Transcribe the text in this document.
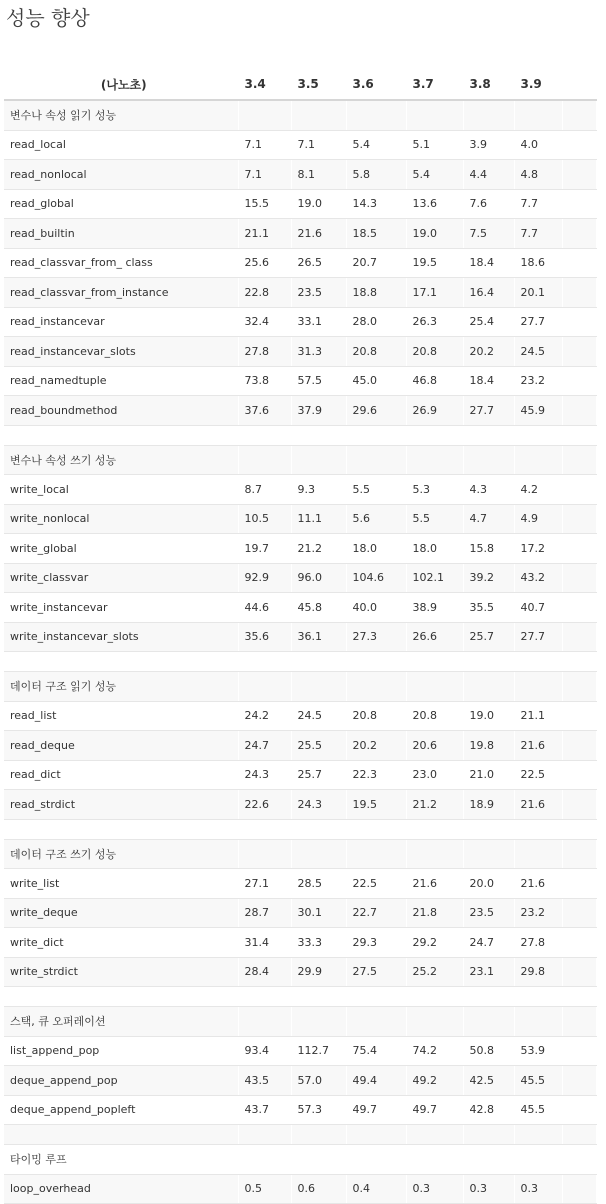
성능 향상
(나노초)	3.4	3.5	3.6	3.7	3.8	3.9	
변수나 속성 읽기 성능							
read_local	7.1	7.1	5.4	5.1	3.9	4.0	
read_nonlocal	7.1	8.1	5.8	5.4	4.4	4.8	
read_global	15.5	19.0	14.3	13.6	7.6	7.7	
read_builtin	21.1	21.6	18.5	19.0	7.5	7.7	
read_classvar_from_ class	25.6	26.5	20.7	19.5	18.4	18.6	
read_classvar_from_instance	22.8	23.5	18.8	17.1	16.4	20.1	
read_instancevar	32.4	33.1	28.0	26.3	25.4	27.7	
read_instancevar_slots	27.8	31.3	20.8	20.8	20.2	24.5	
read_namedtuple	73.8	57.5	45.0	46.8	18.4	23.2	
read_boundmethod	37.6	37.9	29.6	26.9	27.7	45.9	

변수나 속성 쓰기 성능							
write_local	8.7	9.3	5.5	5.3	4.3	4.2	
write_nonlocal	10.5	11.1	5.6	5.5	4.7	4.9	
write_global	19.7	21.2	18.0	18.0	15.8	17.2	
write_classvar	92.9	96.0	104.6	102.1	39.2	43.2	
write_instancevar	44.6	45.8	40.0	38.9	35.5	40.7	
write_instancevar_slots	35.6	36.1	27.3	26.6	25.7	27.7	

데이터 구조 읽기 성능							
read_list	24.2	24.5	20.8	20.8	19.0	21.1	
read_deque	24.7	25.5	20.2	20.6	19.8	21.6	
read_dict	24.3	25.7	22.3	23.0	21.0	22.5	
read_strdict	22.6	24.3	19.5	21.2	18.9	21.6	

데이터 구조 쓰기 성능							
write_list	27.1	28.5	22.5	21.6	20.0	21.6	
write_deque	28.7	30.1	22.7	21.8	23.5	23.2	
write_dict	31.4	33.3	29.3	29.2	24.7	27.8	
write_strdict	28.4	29.9	27.5	25.2	23.1	29.8	

스택, 큐 오퍼레이션							
list_append_pop	93.4	112.7	75.4	74.2	50.8	53.9	
deque_append_pop	43.5	57.0	49.4	49.2	42.5	45.5	
deque_append_popleft	43.7	57.3	49.7	49.7	42.8	45.5	

타이밍 루프							
loop_overhead	0.5	0.6	0.4	0.3	0.3	0.3	
